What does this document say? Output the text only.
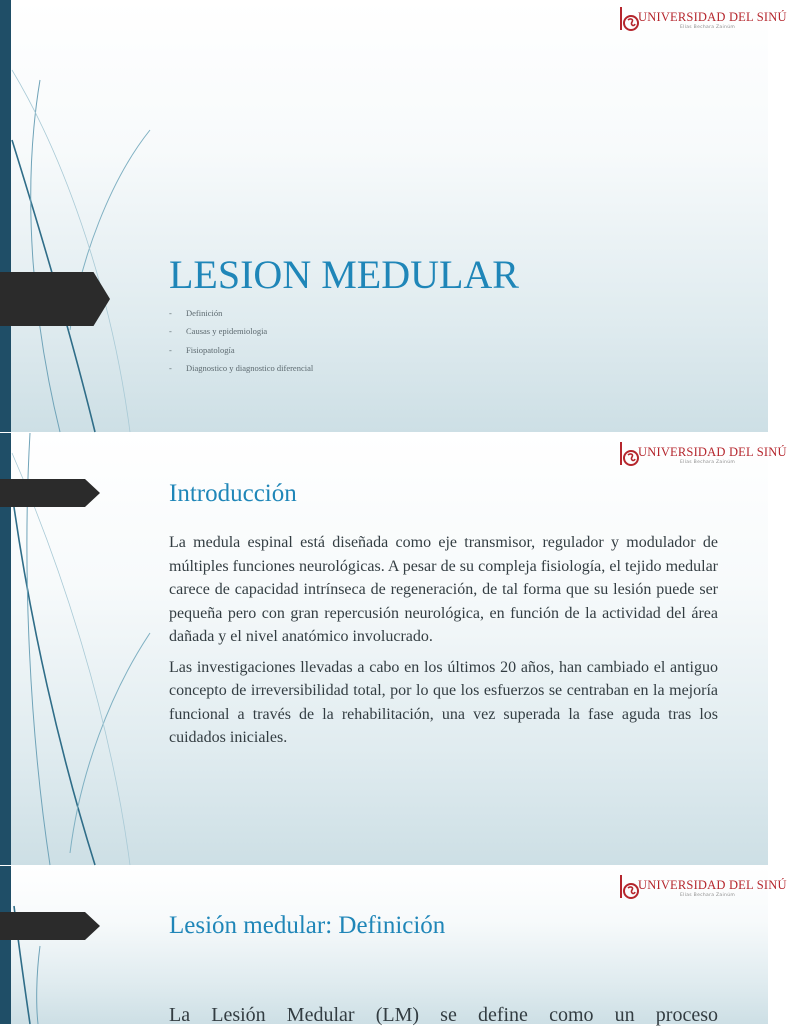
UNIVERSIDAD DEL SINÚ
Elías Bechara Zainúm
LESION MEDULAR
- Definición
- Causas y epidemiologia
- Fisiopatología
- Diagnostico y diagnostico diferencial
UNIVERSIDAD DEL SINÚ
Elías Bechara Zainúm
Introducción

La medula espinal está diseñada como eje transmisor, regulador y modulador de múltiples funciones neurológicas. A pesar de su compleja fisiología, el tejido medular carece de capacidad intrínseca de regeneración, de tal forma que su lesión puede ser pequeña pero con gran repercusión neurológica, en función de la actividad del área dañada y el nivel anatómico involucrado.

Las investigaciones llevadas a cabo en los últimos 20 años, han cambiado el antiguo concepto de irreversibilidad total, por lo que los esfuerzos se centraban en la mejoría funcional a través de la rehabilitación, una vez superada la fase aguda tras los cuidados iniciales.

UNIVERSIDAD DEL SINÚ
Elías Bechara Zainúm
Lesión medular: Definición

La Lesión Medular (LM) se define como un proceso
